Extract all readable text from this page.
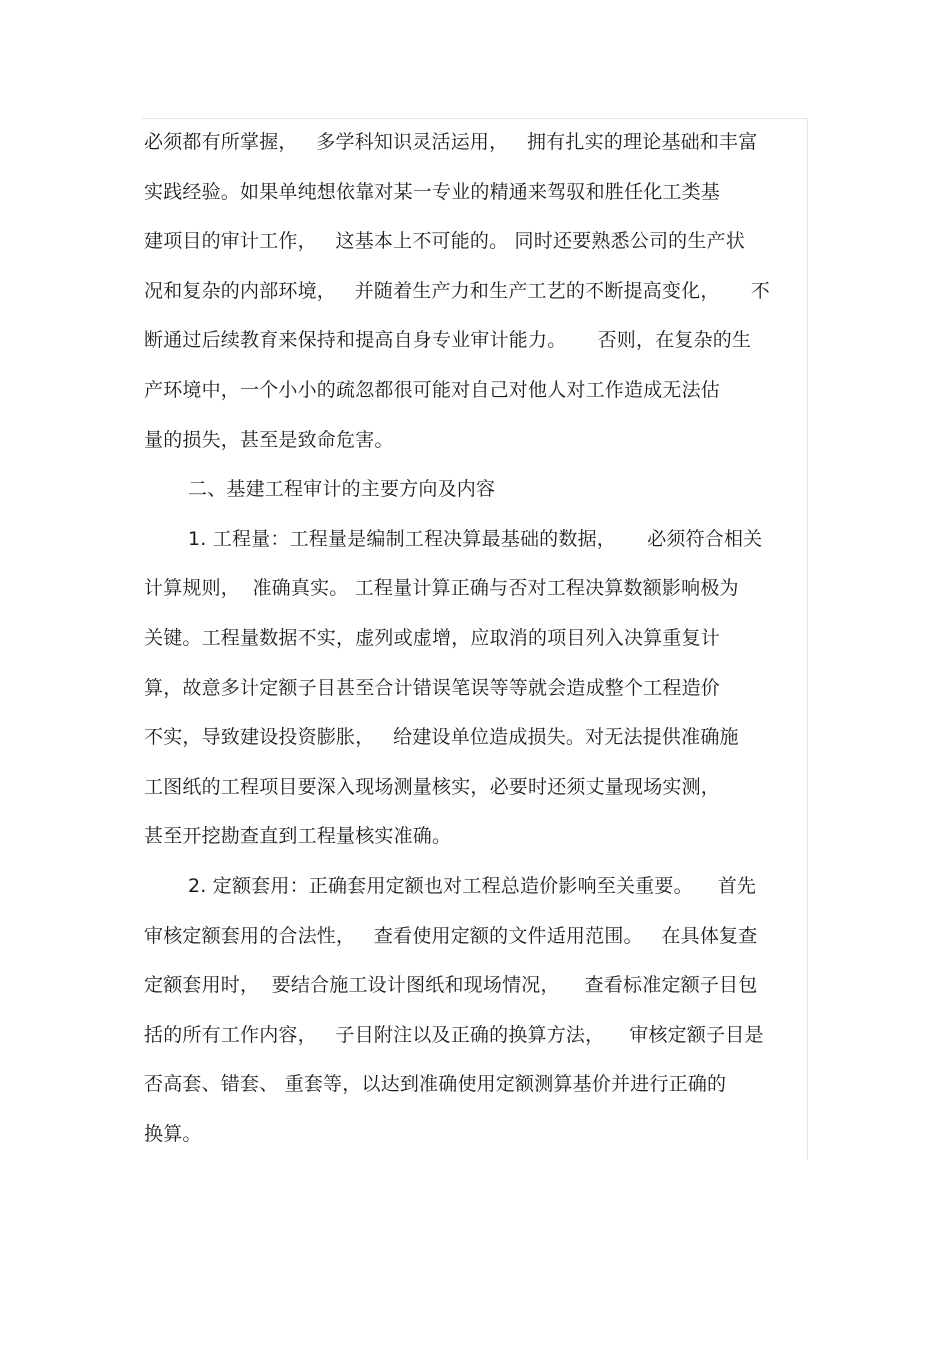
必须都有所掌握，   多学科知识灵活运用，   拥有扎实的理论基础和丰富
实践经验。如果单纯想依靠对某一专业的精通来驾驭和胜任化工类基
建项目的审计工作，   这基本上不可能的。 同时还要熟悉公司的生产状
况和复杂的内部环境，   并随着生产力和生产工艺的不断提高变化，     不
断通过后续教育来保持和提高自身专业审计能力。     否则，在复杂的生
产环境中，一个小小的疏忽都很可能对自己对他人对工作造成无法估
量的损失，甚至是致命危害。
二、基建工程审计的主要方向及内容
1. 工程量：工程量是编制工程决算最基础的数据，     必须符合相关
计算规则，  准确真实。 工程量计算正确与否对工程决算数额影响极为
关键。工程量数据不实，虚列或虚增，应取消的项目列入决算重复计
算，故意多计定额子目甚至合计错误笔误等等就会造成整个工程造价
不实，导致建设投资膨胀，   给建设单位造成损失。对无法提供准确施
工图纸的工程项目要深入现场测量核实，必要时还须丈量现场实测，
甚至开挖勘查直到工程量核实准确。
2. 定额套用：正确套用定额也对工程总造价影响至关重要。    首先
审核定额套用的合法性，   查看使用定额的文件适用范围。   在具体复查
定额套用时，  要结合施工设计图纸和现场情况，    查看标准定额子目包
括的所有工作内容，   子目附注以及正确的换算方法，    审核定额子目是
否高套、错套、 重套等，以达到准确使用定额测算基价并进行正确的
换算。
